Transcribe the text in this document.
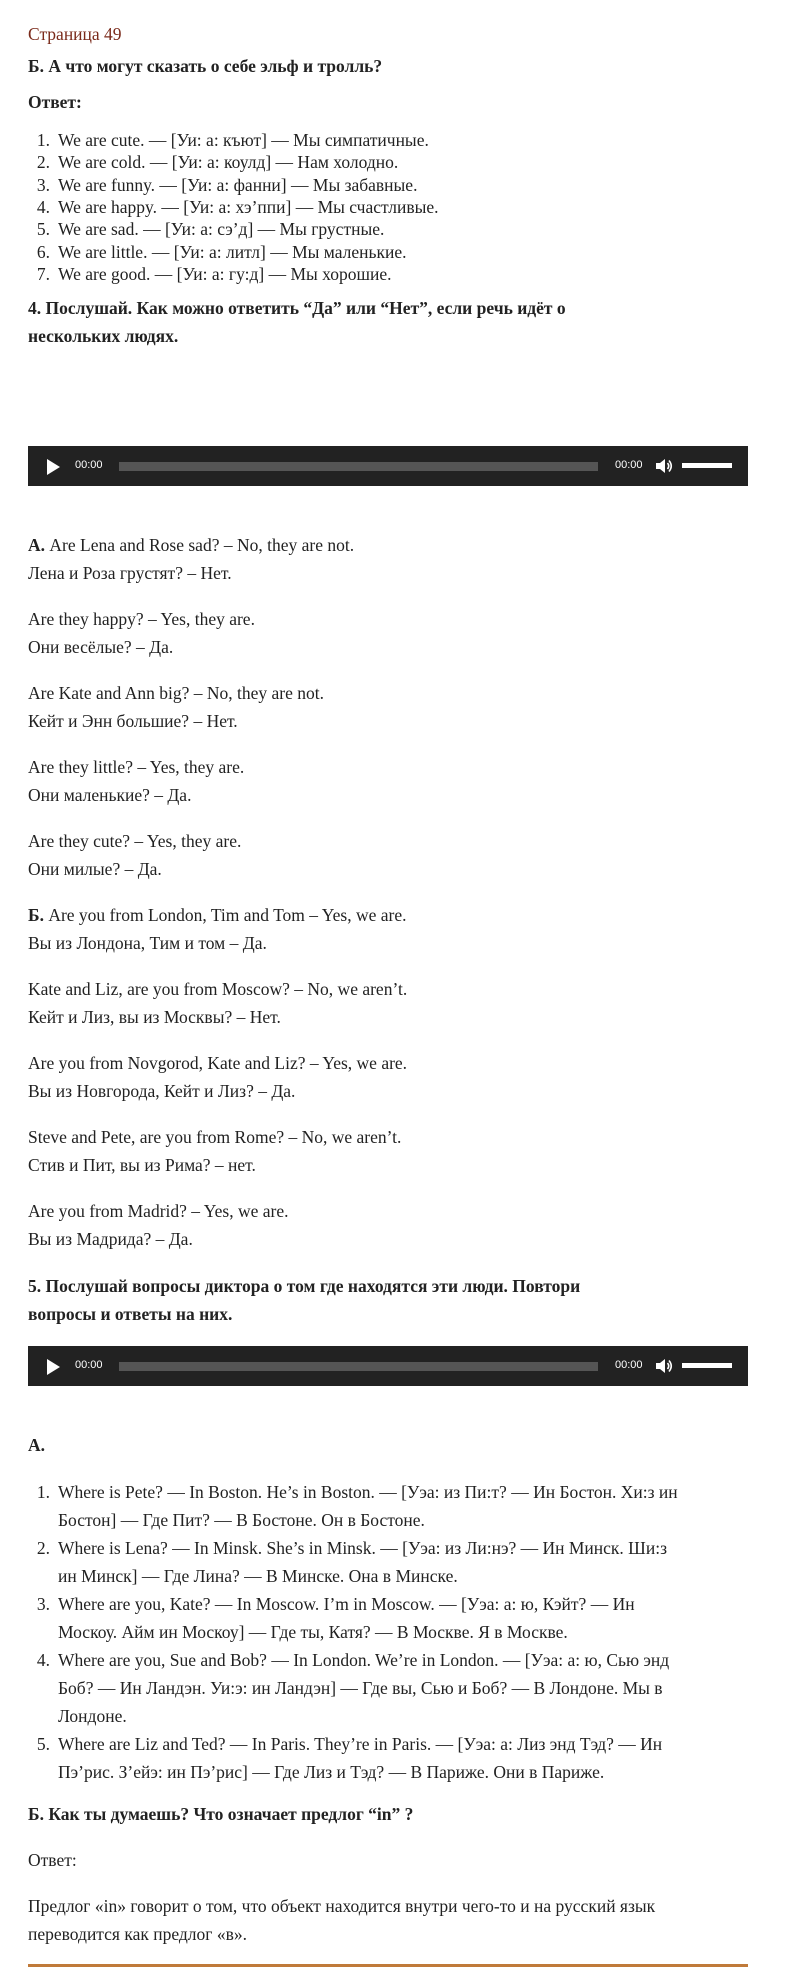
Страница 49
Б. А что могут сказать о себе эльф и тролль?
Ответ:
1. We are cute. — [Уи: а: къют] — Мы симпатичные.
2. We are cold. — [Уи: а: коулд] — Нам холодно.
3. We are funny. — [Уи: а: фанни] — Мы забавные.
4. We are happy. — [Уи: а: хэ’ппи] — Мы счастливые.
5. We are sad. — [Уи: а: сэ’д] — Мы грустные.
6. We are little. — [Уи: а: литл] — Мы маленькие.
7. We are good. — [Уи: а: гу:д] — Мы хорошие.
4. Послушай. Как можно ответить “Да” или “Нет”, если речь идёт о
нескольких людях.
00:00	00:00
А. Are Lena and Rose sad? – No, they are not.
Лена и Роза грустят? – Нет.
Are they happy? – Yes, they are.
Они весёлые? – Да.
Are Kate and Ann big? – No, they are not.
Кейт и Энн большие? – Нет.
Are they little? – Yes, they are.
Они маленькие? – Да.
Are they cute? – Yes, they are.
Они милые? – Да.
Б. Are you from London, Tim and Tom – Yes, we are.
Вы из Лондона, Тим и том – Да.
Kate and Liz, are you from Moscow? – No, we aren’t.
Кейт и Лиз, вы из Москвы? – Нет.
Are you from Novgorod, Kate and Liz? – Yes, we are.
Вы из Новгорода, Кейт и Лиз? – Да.
Steve and Pete, are you from Rome? – No, we aren’t.
Стив и Пит, вы из Рима? – нет.
Are you from Madrid? – Yes, we are.
Вы из Мадрида? – Да.
5. Послушай вопросы диктора о том где находятся эти люди. Повтори
вопросы и ответы на них.
00:00	00:00
А.
1. Where is Pete? — In Boston. He’s in Boston. — [Уэа: из Пи:т? — Ин Бостон. Хи:з ин
Бостон] — Где Пит? — В Бостоне. Он в Бостоне.
2. Where is Lena? — In Minsk. She’s in Minsk. — [Уэа: из Ли:нэ? — Ин Минск. Ши:з
ин Минск] — Где Лина? — В Минске. Она в Минске.
3. Where are you, Kate? — In Moscow. I’m in Moscow. — [Уэа: а: ю, Кэйт? — Ин
Москоу. Айм ин Москоу] — Где ты, Катя? — В Москве. Я в Москве.
4. Where are you, Sue and Bob? — In London. We’re in London. — [Уэа: а: ю, Сью энд
Боб? — Ин Ландэн. Уи:э: ин Ландэн] — Где вы, Сью и Боб? — В Лондоне. Мы в
Лондоне.
5. Where are Liz and Ted? — In Paris. They’re in Paris. — [Уэа: а: Лиз энд Тэд? — Ин
Пэ’рис. З’ейэ: ин Пэ’рис] — Где Лиз и Тэд? — В Париже. Они в Париже.
Б. Как ты думаешь? Что означает предлог “in” ?
Ответ:
Предлог «in» говорит о том, что объект находится внутри чего-то и на русский язык
переводится как предлог «в».
